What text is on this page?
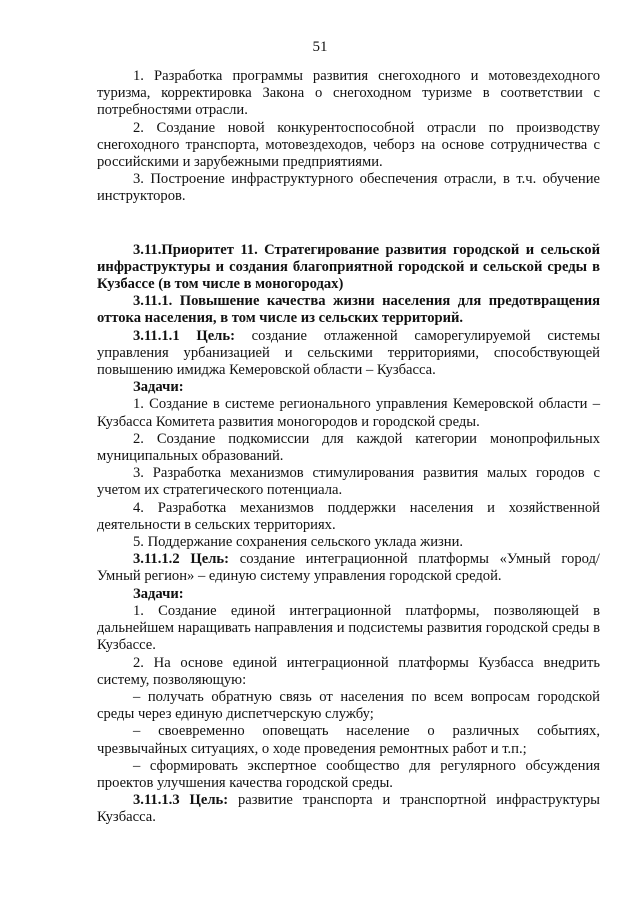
51

1. Разработка программы развития снегоходного и мотовездеходного туризма, корректировка Закона о снегоходном туризме в соответствии с потребностями отрасли.

2. Создание новой конкурентоспособной отрасли по производству снегоходного транспорта, мотовездеходов, чеборз на основе сотрудничества с российскими и зарубежными предприятиями.

3. Построение инфраструктурного обеспечения отрасли, в т.ч. обучение инструкторов.

3.11.Приоритет 11. Стратегирование развития городской и сельской инфраструктуры и создания благоприятной городской и сельской среды в Кузбассе (в том числе в моногородах)

3.11.1. Повышение качества жизни населения для предотвращения оттока населения, в том числе из сельских территорий.

3.11.1.1 Цель: создание отлаженной саморегулируемой системы управления урбанизацией и сельскими территориями, способствующей повышению имиджа Кемеровской области – Кузбасса.

Задачи:

1. Создание в системе регионального управления Кемеровской области – Кузбасса Комитета развития моногородов и городской среды.

2. Создание подкомиссии для каждой категории монопрофильных муниципальных образований.

3. Разработка механизмов стимулирования развития малых городов с учетом их стратегического потенциала.

4. Разработка механизмов поддержки населения и хозяйственной деятельности в сельских территориях.

5. Поддержание сохранения сельского уклада жизни.

3.11.1.2 Цель: создание интеграционной платформы «Умный город/Умный регион» – единую систему управления городской средой.

Задачи:

1. Создание единой интеграционной платформы, позволяющей в дальнейшем наращивать направления и подсистемы развития городской среды в Кузбассе.

2. На основе единой интеграционной платформы Кузбасса внедрить систему, позволяющую:

– получать обратную связь от населения по всем вопросам городской среды через единую диспетчерскую службу;

– своевременно оповещать население о различных событиях, чрезвычайных ситуациях, о ходе проведения ремонтных работ и т.п.;

– сформировать экспертное сообщество для регулярного обсуждения проектов улучшения качества городской среды.

3.11.1.3 Цель: развитие транспорта и транспортной инфраструктуры Кузбасса.
